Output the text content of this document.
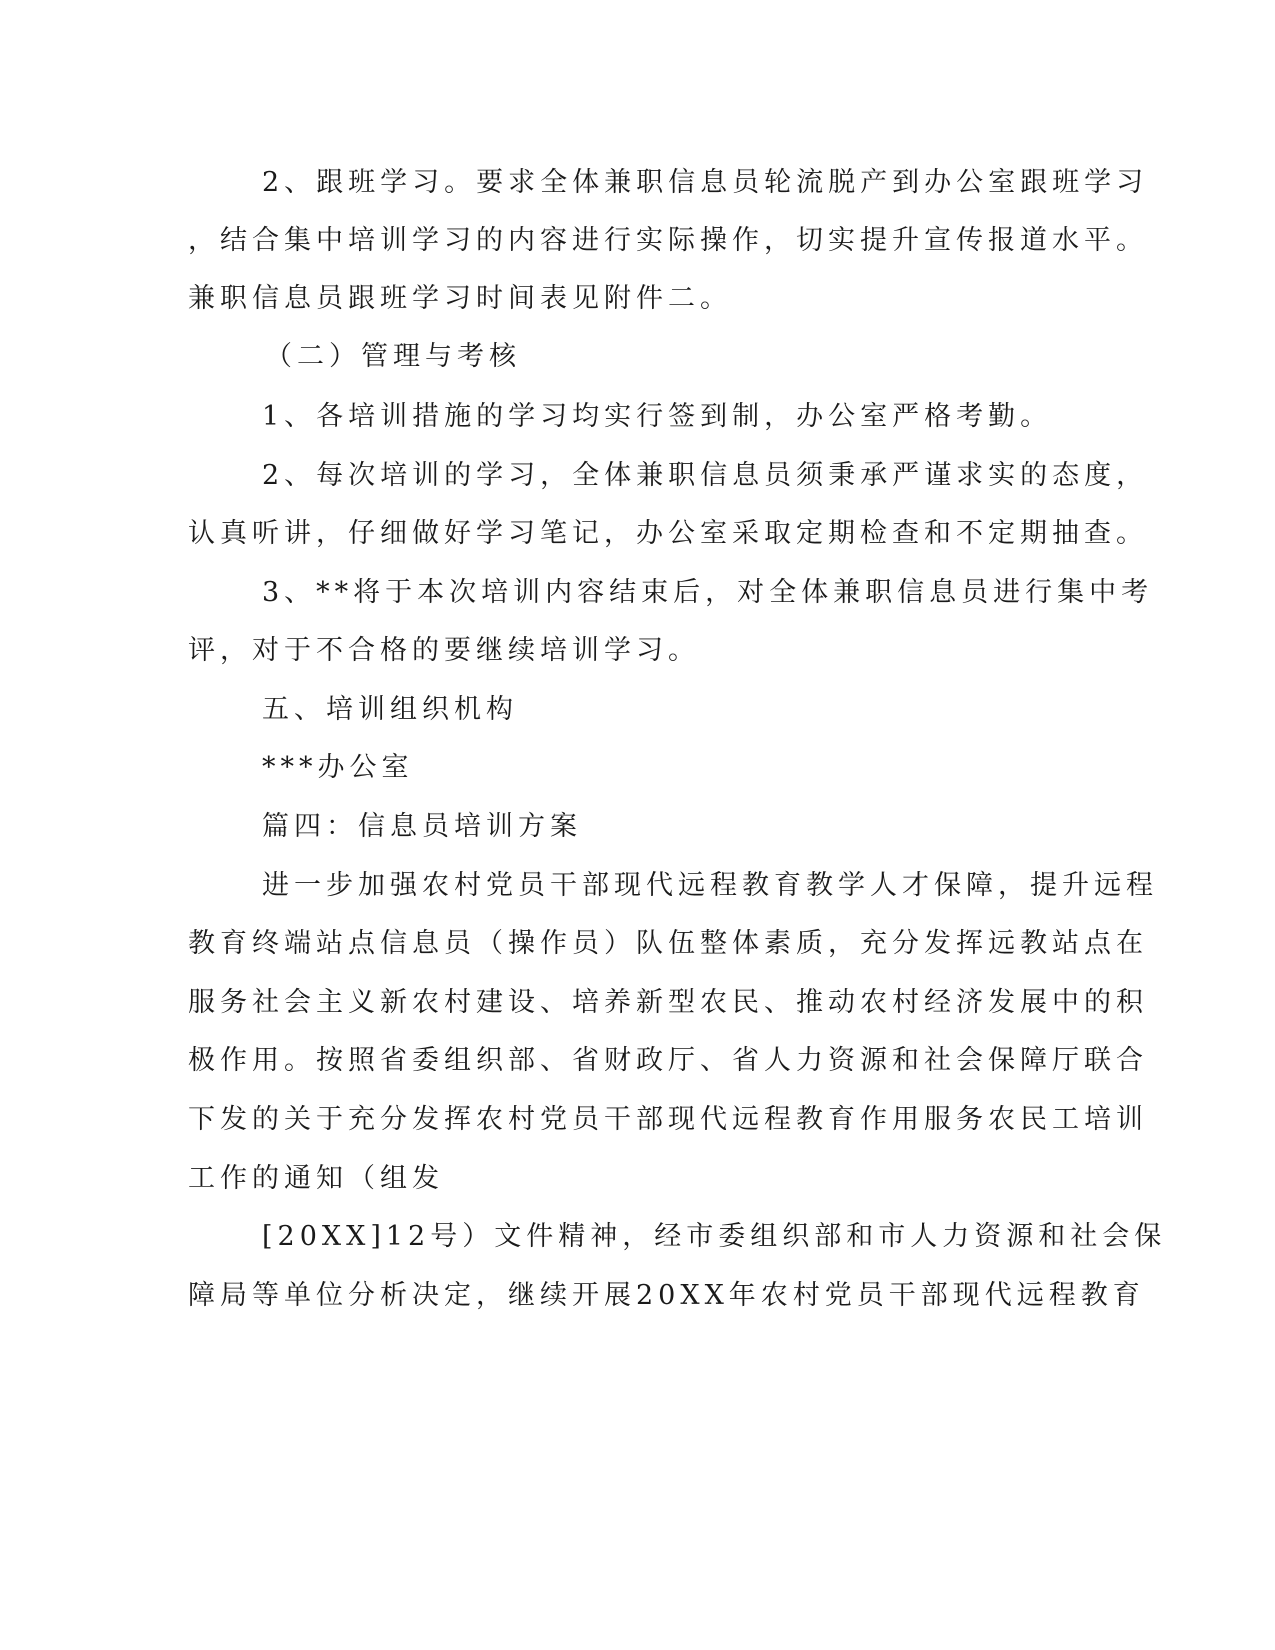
2、跟班学习。要求全体兼职信息员轮流脱产到办公室跟班学习
，结合集中培训学习的内容进行实际操作，切实提升宣传报道水平。
兼职信息员跟班学习时间表见附件二。
（二）管理与考核
1、各培训措施的学习均实行签到制，办公室严格考勤。
2、每次培训的学习，全体兼职信息员须秉承严谨求实的态度，
认真听讲，仔细做好学习笔记，办公室采取定期检查和不定期抽查。
3、**将于本次培训内容结束后，对全体兼职信息员进行集中考
评，对于不合格的要继续培训学习。
五、培训组织机构
***办公室
篇四：信息员培训方案
进一步加强农村党员干部现代远程教育教学人才保障，提升远程
教育终端站点信息员（操作员）队伍整体素质，充分发挥远教站点在
服务社会主义新农村建设、培养新型农民、推动农村经济发展中的积
极作用。按照省委组织部、省财政厅、省人力资源和社会保障厅联合
下发的关于充分发挥农村党员干部现代远程教育作用服务农民工培训
工作的通知（组发
[20XX]12号）文件精神，经市委组织部和市人力资源和社会保
障局等单位分析决定，继续开展20XX年农村党员干部现代远程教育
